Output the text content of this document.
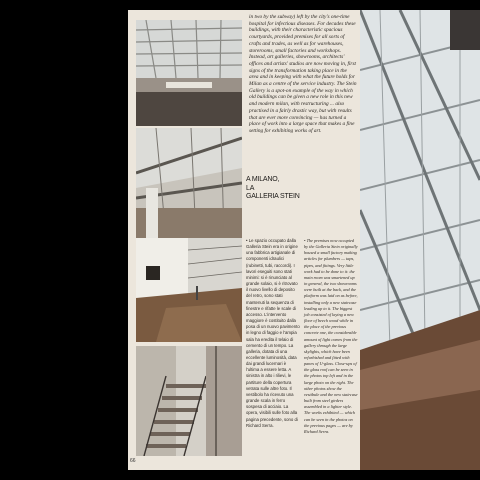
in two by the subway) left by the city's one-time hospital for infectious diseases. For decades these buildings, with their characteristic spacious courtyards, provided premises for all sorts of crafts and trades, as well as for warehouses, storerooms, small factories and workshops. Instead, art galleries, showrooms, architects' offices and artists' studios are now moving in, first signs of the transformation taking place in the area and in keeping with what the future holds for Milan as a centre of the service industry. The Stein Gallery is a spot-on example of the way in which old buildings can be given a new role in this new and modern milan, with restructuring ... also practised in a fairly drastic way, but with results that are ever more convincing — has turned a place of work into a large space that makes a fine setting for exhibiting works of art.

A MILANO,
LA
GALLERIA STEIN

• Le spazio occupato dalla Galleria Stein era in origine una fabbrica artigianale di componenti idraulici (rubinetti, tubi, raccordi). I lavori eseguiti sono stati minimi: si è rinunciato al grande solaio, si è ritrovato il nuovo livello di deposito del retro, sono stati mantenuti la sequenza di finestre e rifatte le scale di accesso. L'intervento maggiore è costituito dalla posa di un nuovo pavimento in legno di faggio e l'ampia sala ha eredita il telaio di cemento di un tempo. La galleria, dotata di una eccellente luminosità, data dai grandi lucernari è l'ultima a essere letta. A sinistra in alto i rilievi, le partiture della copertura vetrata sulle altre foto. Il vestibolo ha ricevuto una grande scala in ferro sospesa di acciaio. La opera, visibili sulle foto alla pagina precedente, sono di Richard Serra.

• The premises now occupied by the Galleria Stein originally housed a small factory making articles for plumbers — taps, pipes, and fittings. Very little work had to be done to it: the main room was smartened up in general, the two showrooms were built at the back, and the platform was laid on as before, installing only a new staircase leading up to it. The biggest job consisted of laying a new floor of beech wood while in the place of the previous concrete one, the considerable amount of light comes from the gallery through the large skylights, which have been refurbished and fitted with panes of U-glass. Close-ups of the glass roof can be seen in the photos top left and in the large photo on the right. The other photos show the vestibule and the new staircase built from steel girders assembled in a lighter style. The works exhibited — which can be seen in the photos on the previous pages — are by Richard Serra.

66
